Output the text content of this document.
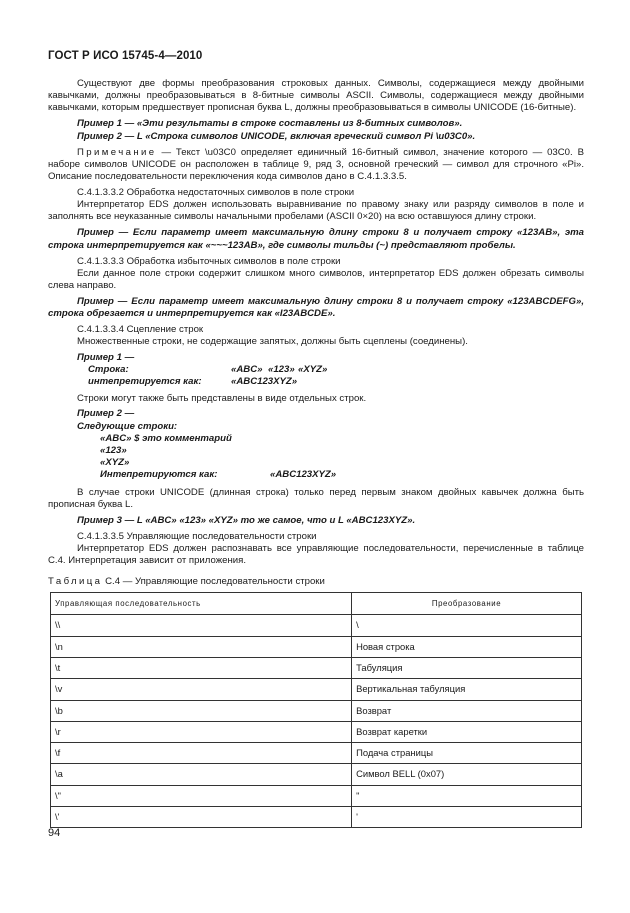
ГОСТ Р ИСО 15745-4—2010

Существуют две формы преобразования строковых данных. Символы, содержащиеся между двойными кавычками, должны преобразовываться в 8-битные символы ASCII. Символы, содержащиеся между двойными кавычками, которым предшествует прописная буква L, должны преобразовываться в символы UNICODE (16-битные).

Пример 1 — «Эти результаты в строке составлены из 8-битных символов».

Пример 2 — L «Строка символов UNICODE, включая греческий символ Pi \u03C0».

Примечание — Текст \u03C0 определяет единичный 16-битный символ, значение которого — 03C0. В наборе символов UNICODE он расположен в таблице 9, ряд 3, основной греческий — символ для строчного «Pi». Описание последовательности переключения кода символов дано в С.4.1.3.3.5.

С.4.1.3.3.2 Обработка недостаточных символов в поле строки

Интерпретатор EDS должен использовать выравнивание по правому знаку или разряду символов в поле и заполнять все неуказанные символы начальными пробелами (ASCII 0×20) на всю оставшуюся длину строки.

Пример — Если параметр имеет максимальную длину строки 8 и получает строку «123AB», эта строка интерпретируется как «~~~123AB», где символы тильды (~) представляют пробелы.

С.4.1.3.3.3 Обработка избыточных символов в поле строки

Если данное поле строки содержит слишком много символов, интерпретатор EDS должен обрезать символы слева направо.

Пример — Если параметр имеет максимальную длину строки 8 и получает строку «123ABCDEFG», строка обрезается и интерпретируется как «I23ABCDE».

С.4.1.3.3.4 Сцепление строк

Множественные строки, не содержащие запятых, должны быть сцеплены (соединены).

Пример 1 —
Строка:	«ABC» «123» «XYZ»
интепретируется как:	«ABC123XYZ»

Строки могут также быть представлены в виде отдельных строк.

Пример 2 —
Следующие строки:
«ABC» $ это комментарий
«123»
«XYZ»
Интепретируются как:	«ABC123XYZ»

В случае строки UNICODE (длинная строка) только перед первым знаком двойных кавычек должна быть прописная буква L.

Пример 3 — L «ABC» «123» «XYZ» то же самое, что и L «ABC123XYZ».

С.4.1.3.3.5 Управляющие последовательности строки

Интерпретатор EDS должен распознавать все управляющие последовательности, перечисленные в таблице С.4. Интерпретация зависит от приложения.

Таблица С.4 — Управляющие последовательности строки

Управляющая последовательность	Преобразование
\\	\
\n	Новая строка
\t	Табуляция
\v	Вертикальная табуляция
\b	Возврат
\r	Возврат каретки
\f	Подача страницы
\a	Символ BELL (0x07)
\"	"
\'	'
94
